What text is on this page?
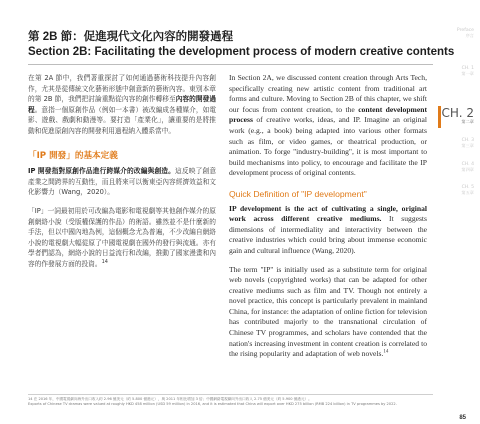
第 2B 節：促進現代文化內容的開發過程
Section 2B: Facilitating the development process of modern creative contents

在第 2A 節中，我們著重探討了如何通過藝術科技提升內容創作，尤其是從傳統文化藝術形態中創意新的藝術內容。東別本章的第 2B 節，我們把討論重點從內容的創作轉移至內容的開發過程。意指一個原創作品（例如一本書）被改編成各種媒介，如電影、遊戲、戲劇和動漫等。要打造「產業化」，讓重要的是將推動和促進原創內容的開發利用過程納入體系當中。

「IP 開發」的基本定義

IP 開發指對原創作品進行跨媒介的改編與創造。這反映了創意產業之間跨界的互動性，而且將來可以衡東亞內容經濟效益和文化影響力（Wang，2020）。

「IP」一詞最初用於可改編為電影和電視劇等其他創作媒介的原創網絡小說（受版權保護的作品）的術語。雖然並不是什麼新的手法，但以中國內地為例，這個概念尤為普遍，不少改編自網絡小說的電視劇大幅從原了中國電視劇在國外的發行與流通。亦有學者們認為，網絡小說的日益流行和改編，推動了國家漫畫和內容的作發展方面的投資。$^{14}$

In Section 2A, we discussed content creation through Arts Tech, specifically creating new artistic content from traditional art forms and culture. Moving to Section 2B of this chapter, we shift our focus from content creation, to the content development process of creative works, ideas, and IP. Imagine an original work (e.g., a book) being adapted into various other formats such as film, or video games, or theatrical production, or animation. To forge "industry-building", it is most important to build mechanisms into policy, to encourage and facilitate the IP development process of original contents.

Quick Definition of "IP development"

IP development is the act of cultivating a single, original work across different creative mediums. It suggests dimensions of intermediality and interactivity between the creative industries which could bring about immense economic gain and cultural influence (Wang, 2020).

The term "IP" is initially used as a substitute term for original web novels (copyrighted works) that can be adapted for other creative mediums such as film and TV. Though not entirely a novel practice, this concept is particularly prevalent in mainland China, for instance: the adaptation of online fiction for television has contributed majorly to the transnational circulation of Chinese TV programmes, and scholars have contended that the nation's increasing investment in content creation is correlated to the rising popularity and adaptation of web novels.$^{14}$

Preface
序言
CH. 1
第一章
CH. 2
第二章
CH. 3
第三章
CH. 4
第四章
CH. 5
第五章
14 在 2016 年，中國電視劇向海外出口收入約 2.96 億美元（約 5.800 億港元），與 2011 年相比增加 3 倍；中國網絡電視劇向外出口收入 2.75 億美元（約 5.900 億港元）。
Exports of Chinese TV dramas were valued at roughly HKD 458 million (USD 59 million) in 2016, and it is estimated that China will export over HKD 275 billion (RMB 224 billion) in TV programmes by 2022.
85
